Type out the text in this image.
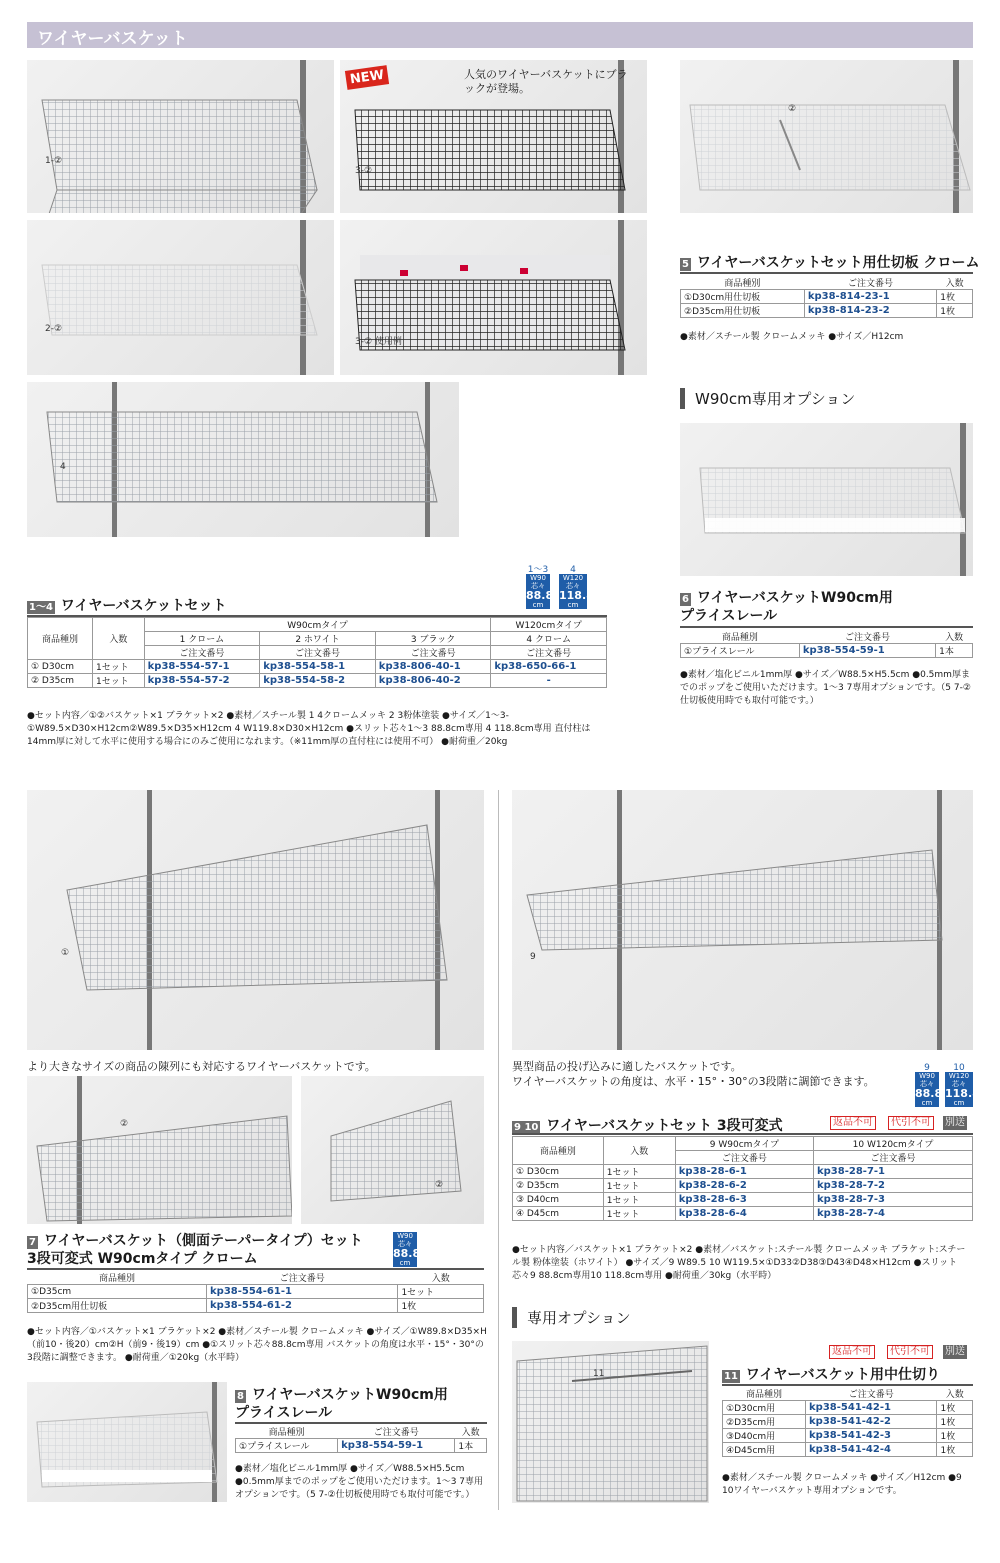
ワイヤーバスケット
1-②
NEW	人気のワイヤーバスケットにブラックが登場。
3-②
2-②
3-② 使用例
4
②
1～3
W90
芯々
88.8
cm
4
W120
芯々
118.8
cm
1～4 ワイヤーバスケットセット
商品種別	入数	W90cmタイプ			W120cmタイプ
		1 クローム	2 ホワイト	3 ブラック	4 クローム
		ご注文番号	ご注文番号	ご注文番号	ご注文番号
① D30cm	1セット	kp38-554-57-1	kp38-554-58-1	kp38-806-40-1	kp38-650-66-1
② D35cm	1セット	kp38-554-57-2	kp38-554-58-2	kp38-806-40-2	-
●セット内容／①②バスケット×1 ブラケット×2 ●素材／スチール製 1 4クロームメッキ 2 3粉体塗装 ●サイズ／1～3-①W89.5×D30×H12cm②W89.5×D35×H12cm 4 W119.8×D30×H12cm ●スリット芯々1～3 88.8cm専用 4 118.8cm専用 直付柱は14mm厚に対して水平に使用する場合にのみご使用になれます。（※11mm厚の直付柱には使用不可） ●耐荷重／20kg
5 ワイヤーバスケットセット用仕切板 クローム
商品種別	ご注文番号	入数
①D30cm用仕切板	kp38-814-23-1	1枚
②D35cm用仕切板	kp38-814-23-2	1枚
●素材／スチール製 クロームメッキ ●サイズ／H12cm
W90cm専用オプション
6 ワイヤーバスケットW90cm用
プライスレール
商品種別	ご注文番号	入数
①プライスレール	kp38-554-59-1	1本
●素材／塩化ビニル1mm厚 ●サイズ／W88.5×H5.5cm ●0.5mm厚までのポップをご使用いただけます。1～3 7専用オプションです。（5 7-②仕切板使用時でも取付可能です。）
①
より大きなサイズの商品の陳列にも対応するワイヤーバスケットです。
②
②
7 ワイヤーバスケット（側面テーパータイプ）セット
3段可変式 W90cmタイプ クローム
W90
芯々
88.8
cm
商品種別	ご注文番号	入数
①D35cm	kp38-554-61-1	1セット
②D35cm用仕切板	kp38-554-61-2	1枚
●セット内容／①バスケット×1 ブラケット×2 ●素材／スチール製 クロームメッキ ●サイズ／①W89.8×D35×H（前10・後20）cm②H（前9・後19）cm ●①スリット芯々88.8cm専用 バスケットの角度は水平・15°・30°の3段階に調整できます。 ●耐荷重／①20kg（水平時）
8 ワイヤーバスケットW90cm用
プライスレール
商品種別	ご注文番号	入数
①プライスレール	kp38-554-59-1	1本
●素材／塩化ビニル1mm厚 ●サイズ／W88.5×H5.5cm ●0.5mm厚までのポップをご使用いただけます。1～3 7専用オプションです。（5 7-②仕切板使用時でも取付可能です。）
9
異型商品の投げ込みに適したバスケットです。
ワイヤーバスケットの角度は、水平・15°・30°の3段階に調節できます。
9
W90
芯々
88.8
cm
10
W120
芯々
118.8
cm
9 10 ワイヤーバスケットセット 3段可変式	返品不可	代引不可	別送
商品種別	入数	9 W90cmタイプ	10 W120cmタイプ
		ご注文番号	ご注文番号
① D30cm	1セット	kp38-28-6-1	kp38-28-7-1
② D35cm	1セット	kp38-28-6-2	kp38-28-7-2
③ D40cm	1セット	kp38-28-6-3	kp38-28-7-3
④ D45cm	1セット	kp38-28-6-4	kp38-28-7-4
●セット内容／バスケット×1 ブラケット×2 ●素材／バスケット:スチール製 クロームメッキ ブラケット:スチール製 粉体塗装（ホワイト） ●サイズ／9 W89.5 10 W119.5×①D33②D38③D43④D48×H12cm ●スリット芯々9 88.8cm専用10 118.8cm専用 ●耐荷重／30kg（水平時）
専用オプション
11
返品不可	代引不可	別送
11 ワイヤーバスケット用中仕切り
商品種別	ご注文番号	入数
①D30cm用	kp38-541-42-1	1枚
②D35cm用	kp38-541-42-2	1枚
③D40cm用	kp38-541-42-3	1枚
④D45cm用	kp38-541-42-4	1枚
●素材／スチール製 クロームメッキ ●サイズ／H12cm ●9 10ワイヤーバスケット専用オプションです。
